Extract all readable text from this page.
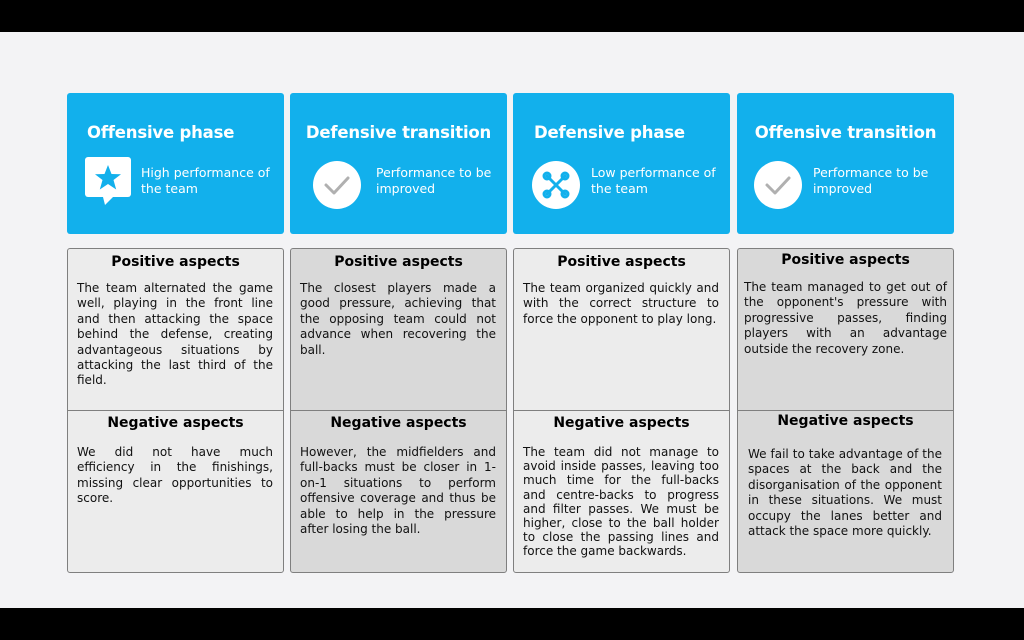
Offensive phase
High performance of the team
Positive aspects
The team alternated the game well, playing in the front line and then attacking the space behind the defense, creating advantageous situations by attacking the last third of the field.
Negative aspects
We did not have much efficiency in the finishings, missing clear opportunities to score.
Defensive transition
Performance to be improved
Positive aspects
The closest players made a good pressure, achieving that the opposing team could not advance when recovering the ball.
Negative aspects
However, the midfielders and full-backs must be closer in 1-on-1 situations to perform offensive coverage and thus be able to help in the pressure after losing the ball.
Defensive phase
Low performance of the team
Positive aspects
The team organized quickly and with the correct structure to force the opponent to play long.
Negative aspects
The team did not manage to avoid inside passes, leaving too much time for the full-backs and centre-backs to progress and filter passes. We must be higher, close to the ball holder to close the passing lines and force the game backwards.
Offensive transition
Performance to be improved
Positive aspects
The team managed to get out of the opponent's pressure with progressive passes, finding players with an advantage outside the recovery zone.
Negative aspects
We fail to take advantage of the spaces at the back and the disorganisation of the opponent in these situations. We must occupy the lanes better and attack the space more quickly.
